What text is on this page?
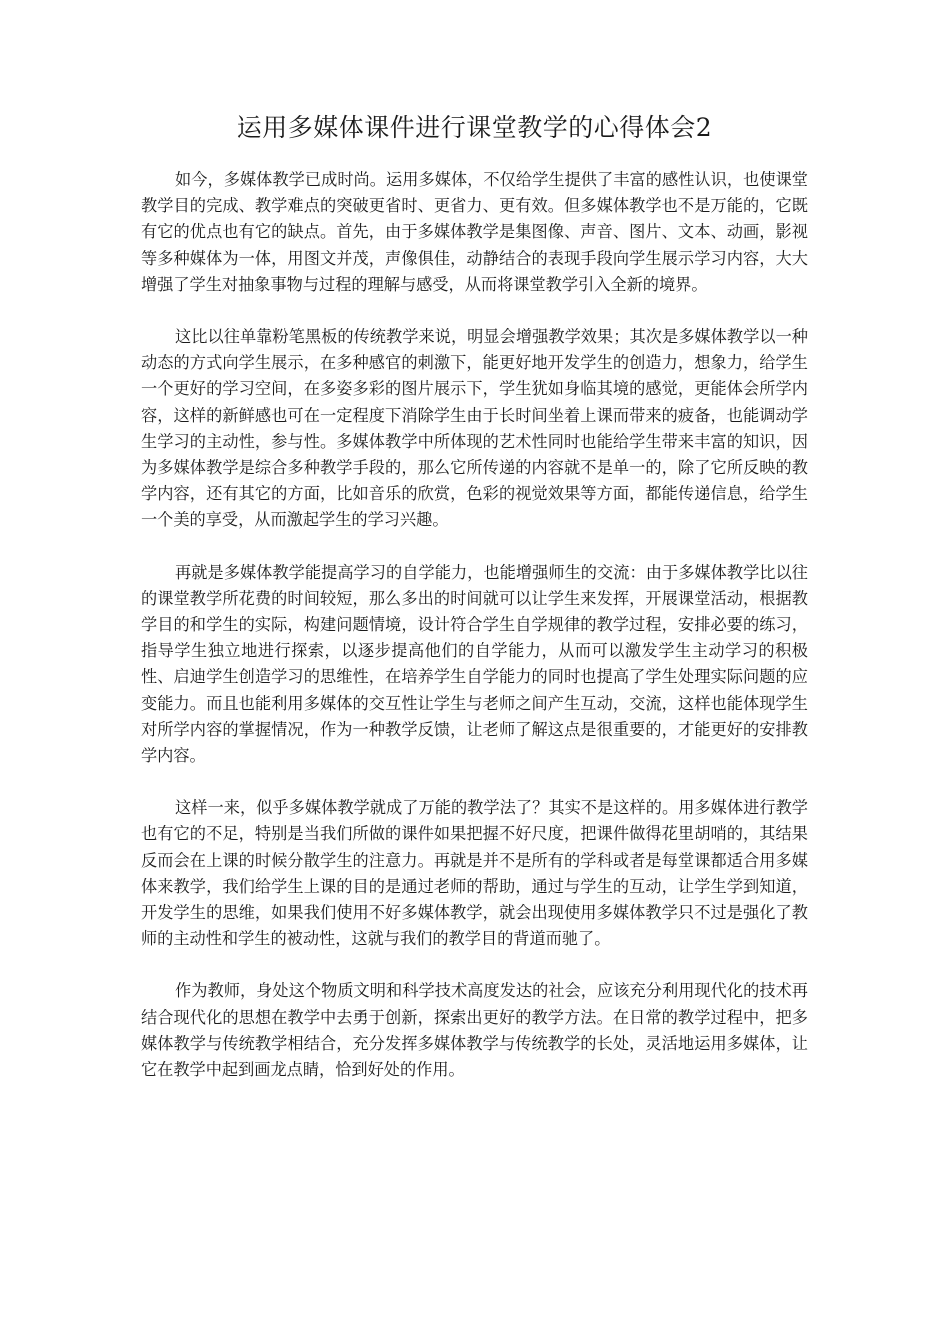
运用多媒体课件进行课堂教学的心得体会2

如今，多媒体教学已成时尚。运用多媒体，不仅给学生提供了丰富的感性认识，也使课堂教学目的完成、教学难点的突破更省时、更省力、更有效。但多媒体教学也不是万能的，它既有它的优点也有它的缺点。首先，由于多媒体教学是集图像、声音、图片、文本、动画，影视等多种媒体为一体，用图文并茂，声像俱佳，动静结合的表现手段向学生展示学习内容，大大增强了学生对抽象事物与过程的理解与感受，从而将课堂教学引入全新的境界。

这比以往单靠粉笔黑板的传统教学来说，明显会增强教学效果；其次是多媒体教学以一种动态的方式向学生展示，在多种感官的刺激下，能更好地开发学生的创造力，想象力，给学生一个更好的学习空间，在多姿多彩的图片展示下，学生犹如身临其境的感觉，更能体会所学内容，这样的新鲜感也可在一定程度下消除学生由于长时间坐着上课而带来的疲备，也能调动学生学习的主动性，参与性。多媒体教学中所体现的艺术性同时也能给学生带来丰富的知识，因为多媒体教学是综合多种教学手段的，那么它所传递的内容就不是单一的，除了它所反映的教学内容，还有其它的方面，比如音乐的欣赏，色彩的视觉效果等方面，都能传递信息，给学生一个美的享受，从而激起学生的学习兴趣。

再就是多媒体教学能提高学习的自学能力，也能增强师生的交流：由于多媒体教学比以往的课堂教学所花费的时间较短，那么多出的时间就可以让学生来发挥，开展课堂活动，根据教学目的和学生的实际，构建问题情境，设计符合学生自学规律的教学过程，安排必要的练习，指导学生独立地进行探索，以逐步提高他们的自学能力，从而可以激发学生主动学习的积极性、启迪学生创造学习的思维性，在培养学生自学能力的同时也提高了学生处理实际问题的应变能力。而且也能利用多媒体的交互性让学生与老师之间产生互动，交流，这样也能体现学生对所学内容的掌握情况，作为一种教学反馈，让老师了解这点是很重要的，才能更好的安排教学内容。

这样一来，似乎多媒体教学就成了万能的教学法了？其实不是这样的。用多媒体进行教学也有它的不足，特别是当我们所做的课件如果把握不好尺度，把课件做得花里胡哨的，其结果反而会在上课的时候分散学生的注意力。再就是并不是所有的学科或者是每堂课都适合用多媒体来教学，我们给学生上课的目的是通过老师的帮助，通过与学生的互动，让学生学到知道，开发学生的思维，如果我们使用不好多媒体教学，就会出现使用多媒体教学只不过是强化了教师的主动性和学生的被动性，这就与我们的教学目的背道而驰了。

作为教师，身处这个物质文明和科学技术高度发达的社会，应该充分利用现代化的技术再结合现代化的思想在教学中去勇于创新，探索出更好的教学方法。在日常的教学过程中，把多媒体教学与传统教学相结合，充分发挥多媒体教学与传统教学的长处，灵活地运用多媒体，让它在教学中起到画龙点睛，恰到好处的作用。
